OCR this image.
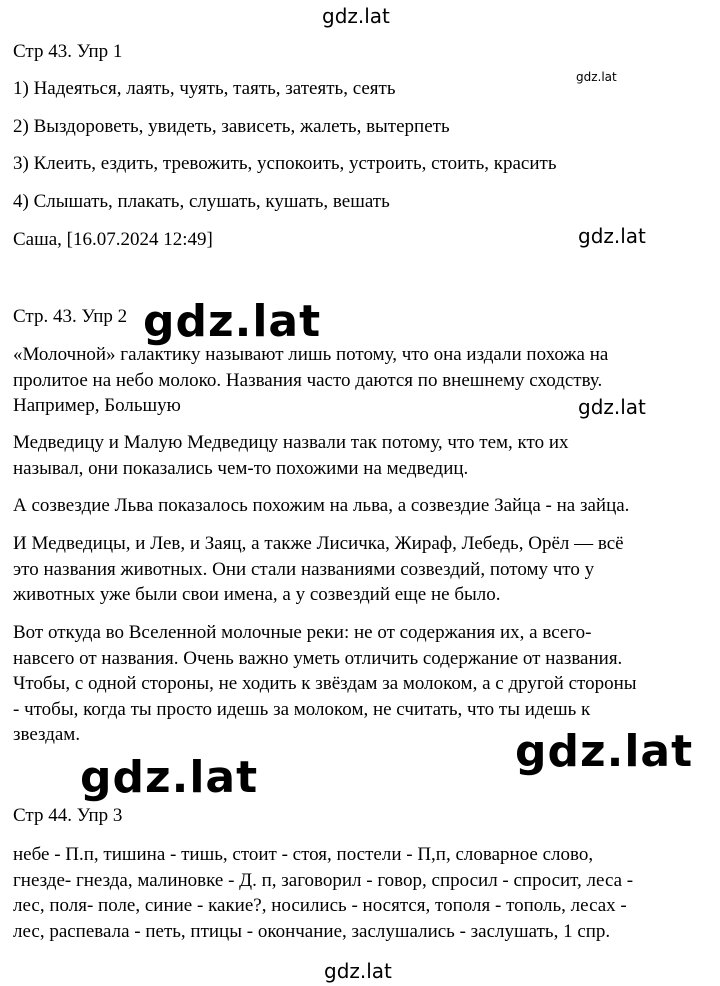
gdz.lat
gdz.lat
gdz.lat
gdz.lat
gdz.lat
gdz.lat
gdz.lat
gdz.lat
Стр 43. Упр 1
1) Надеяться, лаять, чуять, таять, затеять, сеять
2) Выздороветь, увидеть, зависеть, жалеть, вытерпеть
3) Клеить, ездить, тревожить, успокоить, устроить, стоить, красить
4) Слышать, плакать, слушать, кушать, вешать
Саша, [16.07.2024 12:49]
Стр. 43. Упр 2
«Молочной» галактику называют лишь потому, что она издали похожа на
пролитое на небо молоко. Названия часто даются по внешнему сходству.
Например, Большую
Медведицу и Малую Медведицу назвали так потому, что тем, кто их
называл, они показались чем-то похожими на медведиц.
А созвездие Льва показалось похожим на льва, а созвездие Зайца - на зайца.
И Медведицы, и Лев, и Заяц, а также Лисичка, Жираф, Лебедь, Орёл — всё
это названия животных. Они стали названиями созвездий, потому что у
животных уже были свои имена, а у созвездий еще не было.
Вот откуда во Вселенной молочные реки: не от содержания их, а всего-
навсего от названия. Очень важно уметь отличить содержание от названия.
Чтобы, с одной стороны, не ходить к звёздам за молоком, а с другой стороны
- чтобы, когда ты просто идешь за молоком, не считать, что ты идешь к
звездам.
Стр 44. Упр 3
небе - П.п, тишина - тишь, стоит - стоя, постели - П,п, словарное слово,
гнезде- гнезда, малиновке - Д. п, заговорил - говор, спросил - спросит, леса -
лес, поля- поле, синие - какие?, носились - носятся, тополя - тополь, лесах -
лес, распевала - петь, птицы - окончание, заслушались - заслушать, 1 спр.
